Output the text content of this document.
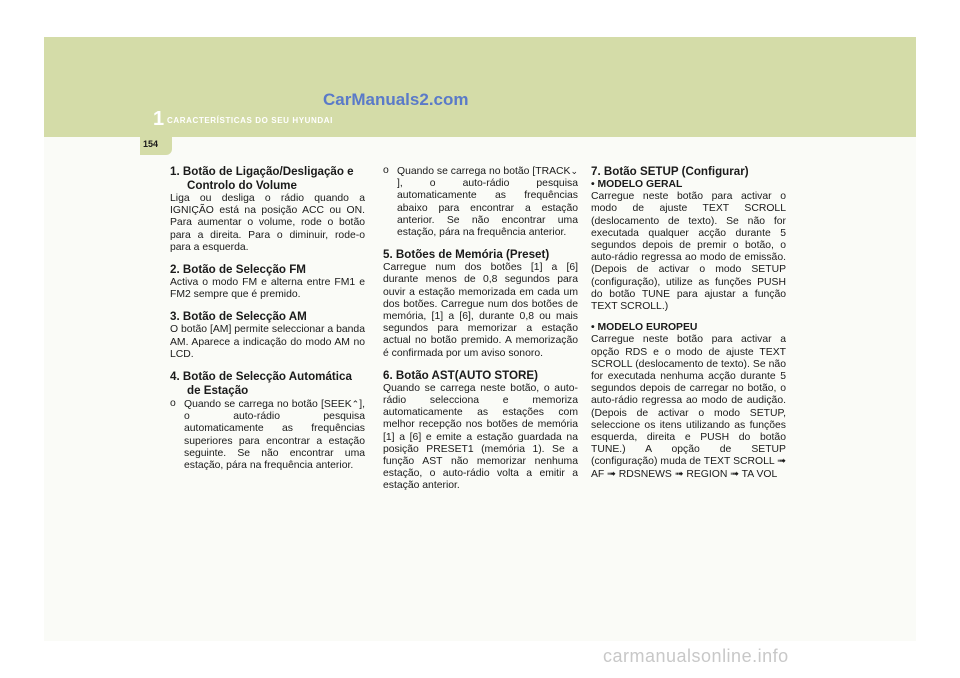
1 CARACTERÍSTICAS DO SEU HYUNDAI
CarManuals2.com
154

1. Botão de Ligação/Desligação e Controlo do Volume

Liga ou desliga o rádio quando a IGNIÇÃO está na posição ACC ou ON. Para aumentar o volume, rode o botão para a direita. Para o diminuir, rode-o para a esquerda.

2. Botão de Selecção FM

Activa o modo FM e alterna entre FM1 e FM2 sempre que é premido.

3. Botão de Selecção AM

O botão [AM] permite seleccionar a banda AM. Aparece a indicação do modo AM no LCD.

4. Botão de Selecção Automática de Estação

o Quando se carrega no botão [SEEK⌃], o auto-rádio pesquisa automaticamente as frequências superiores para encontrar a estação seguinte. Se não encontrar uma estação, pára na frequência anterior.
o Quando se carrega no botão [TRACK⌄], o auto-rádio pesquisa automaticamente as frequências abaixo para encontrar a estação anterior. Se não encontrar uma estação, pára na frequência anterior.

5. Botões de Memória (Preset)

Carregue num dos botões [1] a [6] durante menos de 0,8 segundos para ouvir a estação memorizada em cada um dos botões. Carregue num dos botões de memória, [1] a [6], durante 0,8 ou mais segundos para memorizar a estação actual no botão premido. A memorização é confirmada por um aviso sonoro.

6. Botão AST(AUTO STORE)

Quando se carrega neste botão, o auto-rádio selecciona e memoriza automaticamente as estações com melhor recepção nos botões de memória [1] a [6] e emite a estação guardada na posição PRESET1 (memória 1). Se a função AST não memorizar nenhuma estação, o auto-rádio volta a emitir a estação anterior.

7. Botão SETUP (Configurar)

• MODELO GERAL

Carregue neste botão para activar o modo de ajuste TEXT SCROLL (deslocamento de texto). Se não for executada qualquer acção durante 5 segundos depois de premir o botão, o auto-rádio regressa ao modo de emissão. (Depois de activar o modo SETUP (configuração), utilize as funções PUSH do botão TUNE para ajustar a função TEXT SCROLL.)

• MODELO EUROPEU

Carregue neste botão para activar a opção RDS e o modo de ajuste TEXT SCROLL (deslocamento de texto). Se não for executada nenhuma acção durante 5 segundos depois de carregar no botão, o auto-rádio regressa ao modo de audição. (Depois de activar o modo SETUP, seleccione os itens utilizando as funções esquerda, direita e PUSH do botão TUNE.) A opção de SETUP (configuração) muda de TEXT SCROLL ➟ AF ➟ RDSNEWS ➟ REGION ➟ TA VOL

carmanualsonline.info
